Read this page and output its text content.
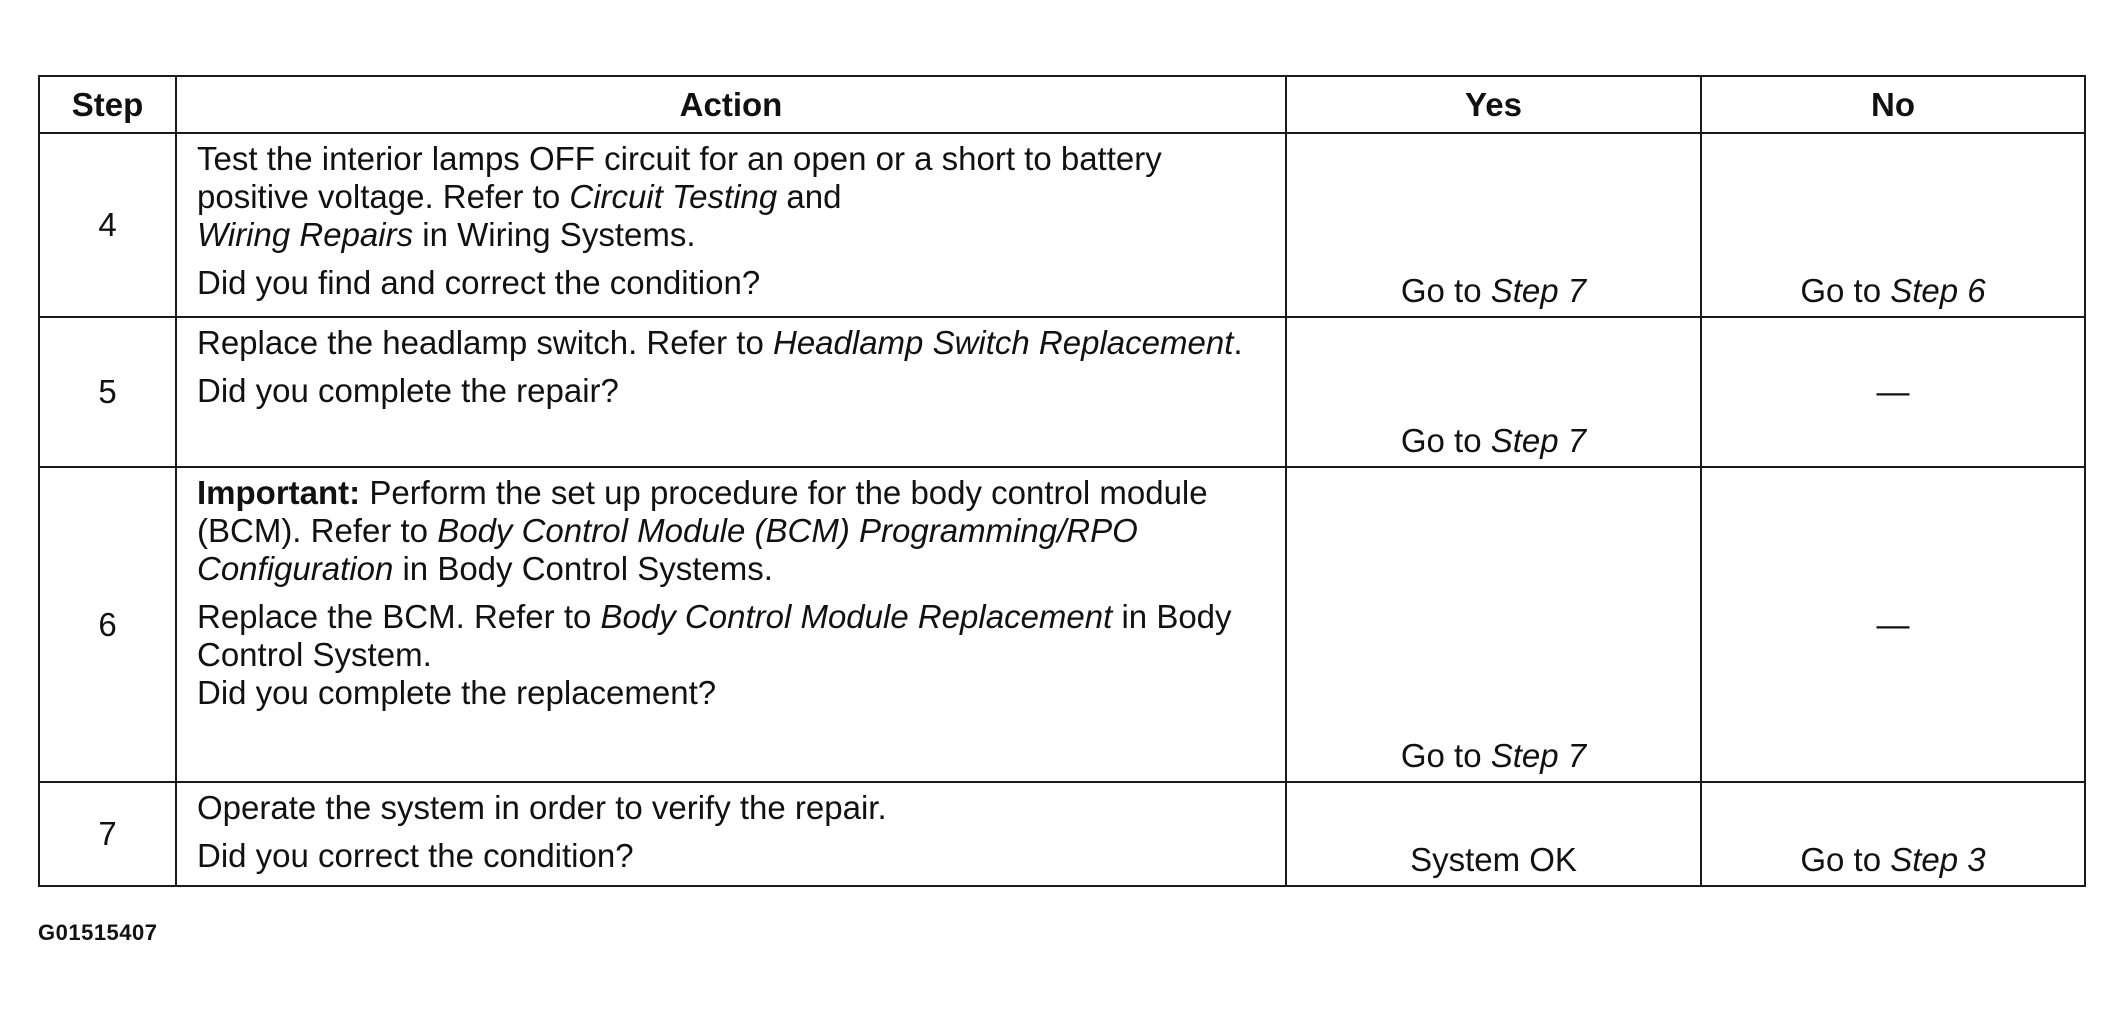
Step	Action	Yes	No
4	Test the interior lamps OFF circuit for an open or a short to battery positive voltage. Refer to Circuit Testing and
Wiring Repairs in Wiring Systems.

Did you find and correct the condition?	Go to Step 7	Go to Step 6
5	Replace the headlamp switch. Refer to Headlamp Switch Replacement.

Did you complete the repair?	Go to Step 7	—
6	Important: Perform the set up procedure for the body control module (BCM). Refer to Body Control Module (BCM) Programming/RPO Configuration in Body Control Systems.

Replace the BCM. Refer to Body Control Module Replacement in Body Control System.

Did you complete the replacement?	Go to Step 7	—
7	Operate the system in order to verify the repair.

Did you correct the condition?	System OK	Go to Step 3
G01515407
